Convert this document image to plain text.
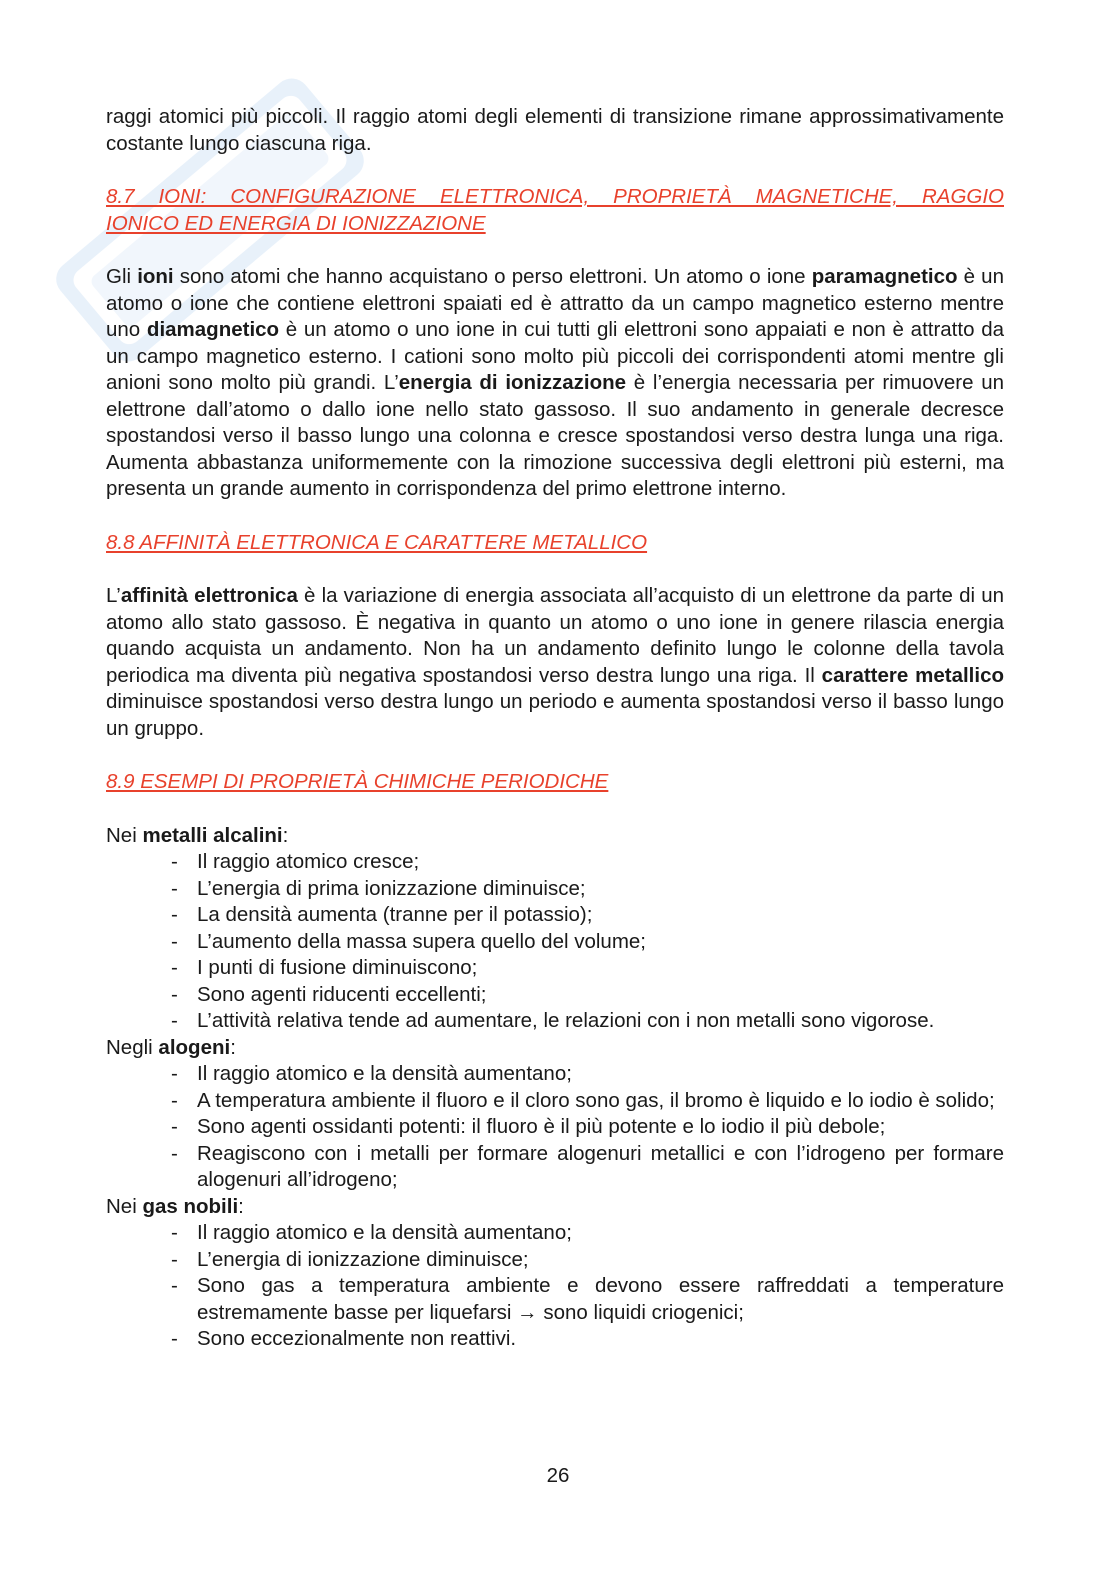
raggi atomici più piccoli. Il raggio atomi degli elementi di transizione rimane approssimativamente costante lungo ciascuna riga.

8.7 IONI: CONFIGURAZIONE ELETTRONICA, PROPRIETÀ MAGNETICHE, RAGGIO
IONICO ED ENERGIA DI IONIZZAZIONE

Gli ioni sono atomi che hanno acquistano o perso elettroni. Un atomo o ione paramagnetico è un atomo o ione che contiene elettroni spaiati ed è attratto da un campo magnetico esterno mentre uno diamagnetico è un atomo o uno ione in cui tutti gli elettroni sono appaiati e non è attratto da un campo magnetico esterno. I cationi sono molto più piccoli dei corrispondenti atomi mentre gli anioni sono molto più grandi. L’energia di ionizzazione è l’energia necessaria per rimuovere un elettrone dall’atomo o dallo ione nello stato gassoso. Il suo andamento in generale decresce spostandosi verso il basso lungo una colonna e cresce spostandosi verso destra lunga una riga. Aumenta abbastanza uniformemente con la rimozione successiva degli elettroni più esterni, ma presenta un grande aumento in corrispondenza del primo elettrone interno.

8.8 AFFINITÀ ELETTRONICA E CARATTERE METALLICO

L’affinità elettronica è la variazione di energia associata all’acquisto di un elettrone da parte di un atomo allo stato gassoso. È negativa in quanto un atomo o uno ione in genere rilascia energia quando acquista un andamento. Non ha un andamento definito lungo le colonne della tavola periodica ma diventa più negativa spostandosi verso destra lungo una riga. Il carattere metallico diminuisce spostandosi verso destra lungo un periodo e aumenta spostandosi verso il basso lungo un gruppo.

8.9 ESEMPI DI PROPRIETÀ CHIMICHE PERIODICHE

Nei metalli alcalini:

- Il raggio atomico cresce;
- L’energia di prima ionizzazione diminuisce;
- La densità aumenta (tranne per il potassio);
- L’aumento della massa supera quello del volume;
- I punti di fusione diminuiscono;
- Sono agenti riducenti eccellenti;
- L’attività relativa tende ad aumentare, le relazioni con i non metalli sono vigorose.

Negli alogeni:

- Il raggio atomico e la densità aumentano;
- A temperatura ambiente il fluoro e il cloro sono gas, il bromo è liquido e lo iodio è solido;
- Sono agenti ossidanti potenti: il fluoro è il più potente e lo iodio il più debole;
- Reagiscono con i metalli per formare alogenuri metallici e con l’idrogeno per formare alogenuri all’idrogeno;

Nei gas nobili:

- Il raggio atomico e la densità aumentano;
- L’energia di ionizzazione diminuisce;
- Sono gas a temperatura ambiente e devono essere raffreddati a temperature estremamente basse per liquefarsi → sono liquidi criogenici;
- Sono eccezionalmente non reattivi.
26
